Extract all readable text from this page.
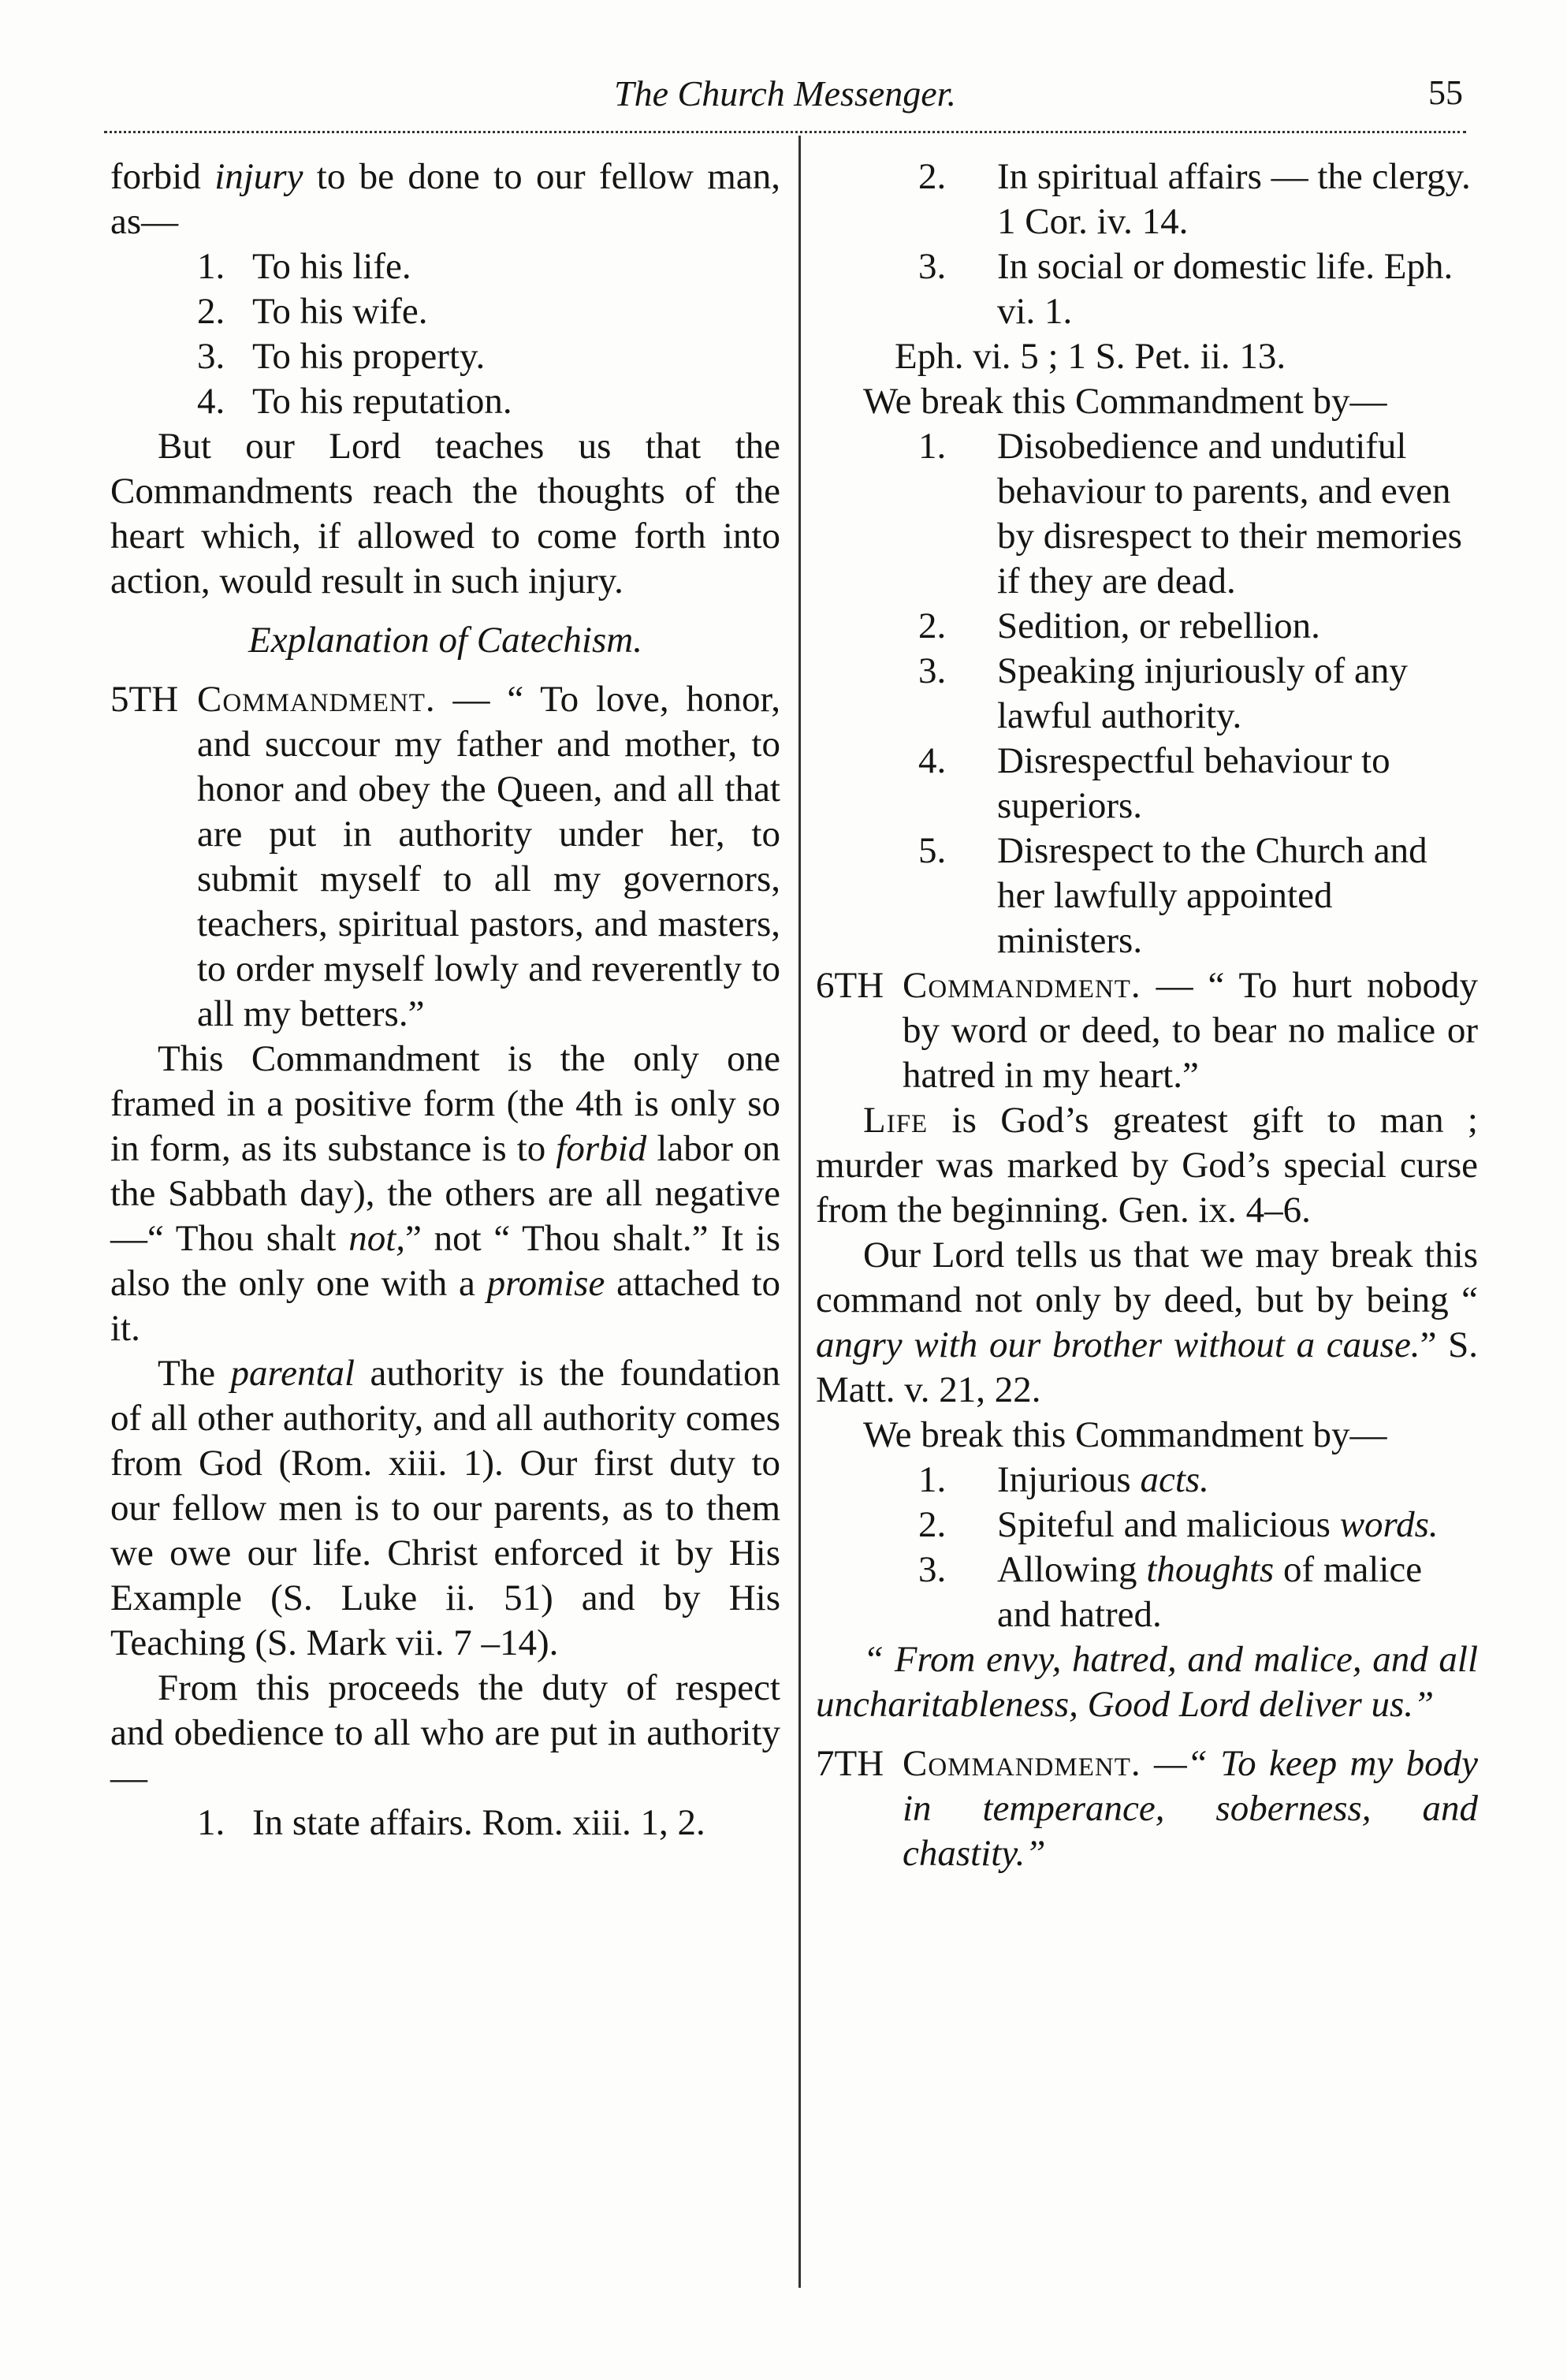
The Church Messenger.	55

forbid injury to be done to our fellow man, as—

1. To his life.
2. To his wife.
3. To his property.
4. To his reputation.

But our Lord teaches us that the Commandments reach the thoughts of the heart which, if allowed to come forth into action, would result in such injury.

Explanation of Catechism.

5TH Commandment. — “ To love, honor, and succour my father and mother, to honor and obey the Queen, and all that are put in authority under her, to submit myself to all my governors, teachers, spiritual pastors, and masters, to order myself lowly and reverently to all my betters.”

This Commandment is the only one framed in a positive form (the 4th is only so in form, as its substance is to forbid labor on the Sabbath day), the others are all negative—“ Thou shalt not,” not “ Thou shalt.” It is also the only one with a promise attached to it.

The parental authority is the foundation of all other authority, and all authority comes from God (Rom. xiii. 1). Our first duty to our fellow men is to our parents, as to them we owe our life. Christ enforced it by His Example (S. Luke ii. 51) and by His Teaching (S. Mark vii. 7 –14).

From this proceeds the duty of respect and obedience to all who are put in authority—

1. In state affairs. Rom. xiii. 1, 2.
2. In spiritual affairs — the clergy. 1 Cor. iv. 14.
3. In social or domestic life. Eph. vi. 1.

Eph. vi. 5 ; 1 S. Pet. ii. 13.

We break this Commandment by—

1. Disobedience and undutiful behaviour to parents, and even by disrespect to their memories if they are dead.
2. Sedition, or rebellion.
3. Speaking injuriously of any lawful authority.
4. Disrespectful behaviour to superiors.
5. Disrespect to the Church and her lawfully appointed ministers.
6TH Commandment. — “ To hurt nobody by word or deed, to bear no malice or hatred in my heart.”

Life is God’s greatest gift to man ; murder was marked by God’s special curse from the beginning. Gen. ix. 4–6.

Our Lord tells us that we may break this command not only by deed, but by being “ angry with our brother without a cause.” S. Matt. v. 21, 22.

We break this Commandment by—

1. Injurious acts.
2. Spiteful and malicious words.
3. Allowing thoughts of malice and hatred.

“ From envy, hatred, and malice, and all uncharitableness, Good Lord deliver us.”

7TH Commandment. —“ To keep my body in temperance, soberness, and chastity.”
